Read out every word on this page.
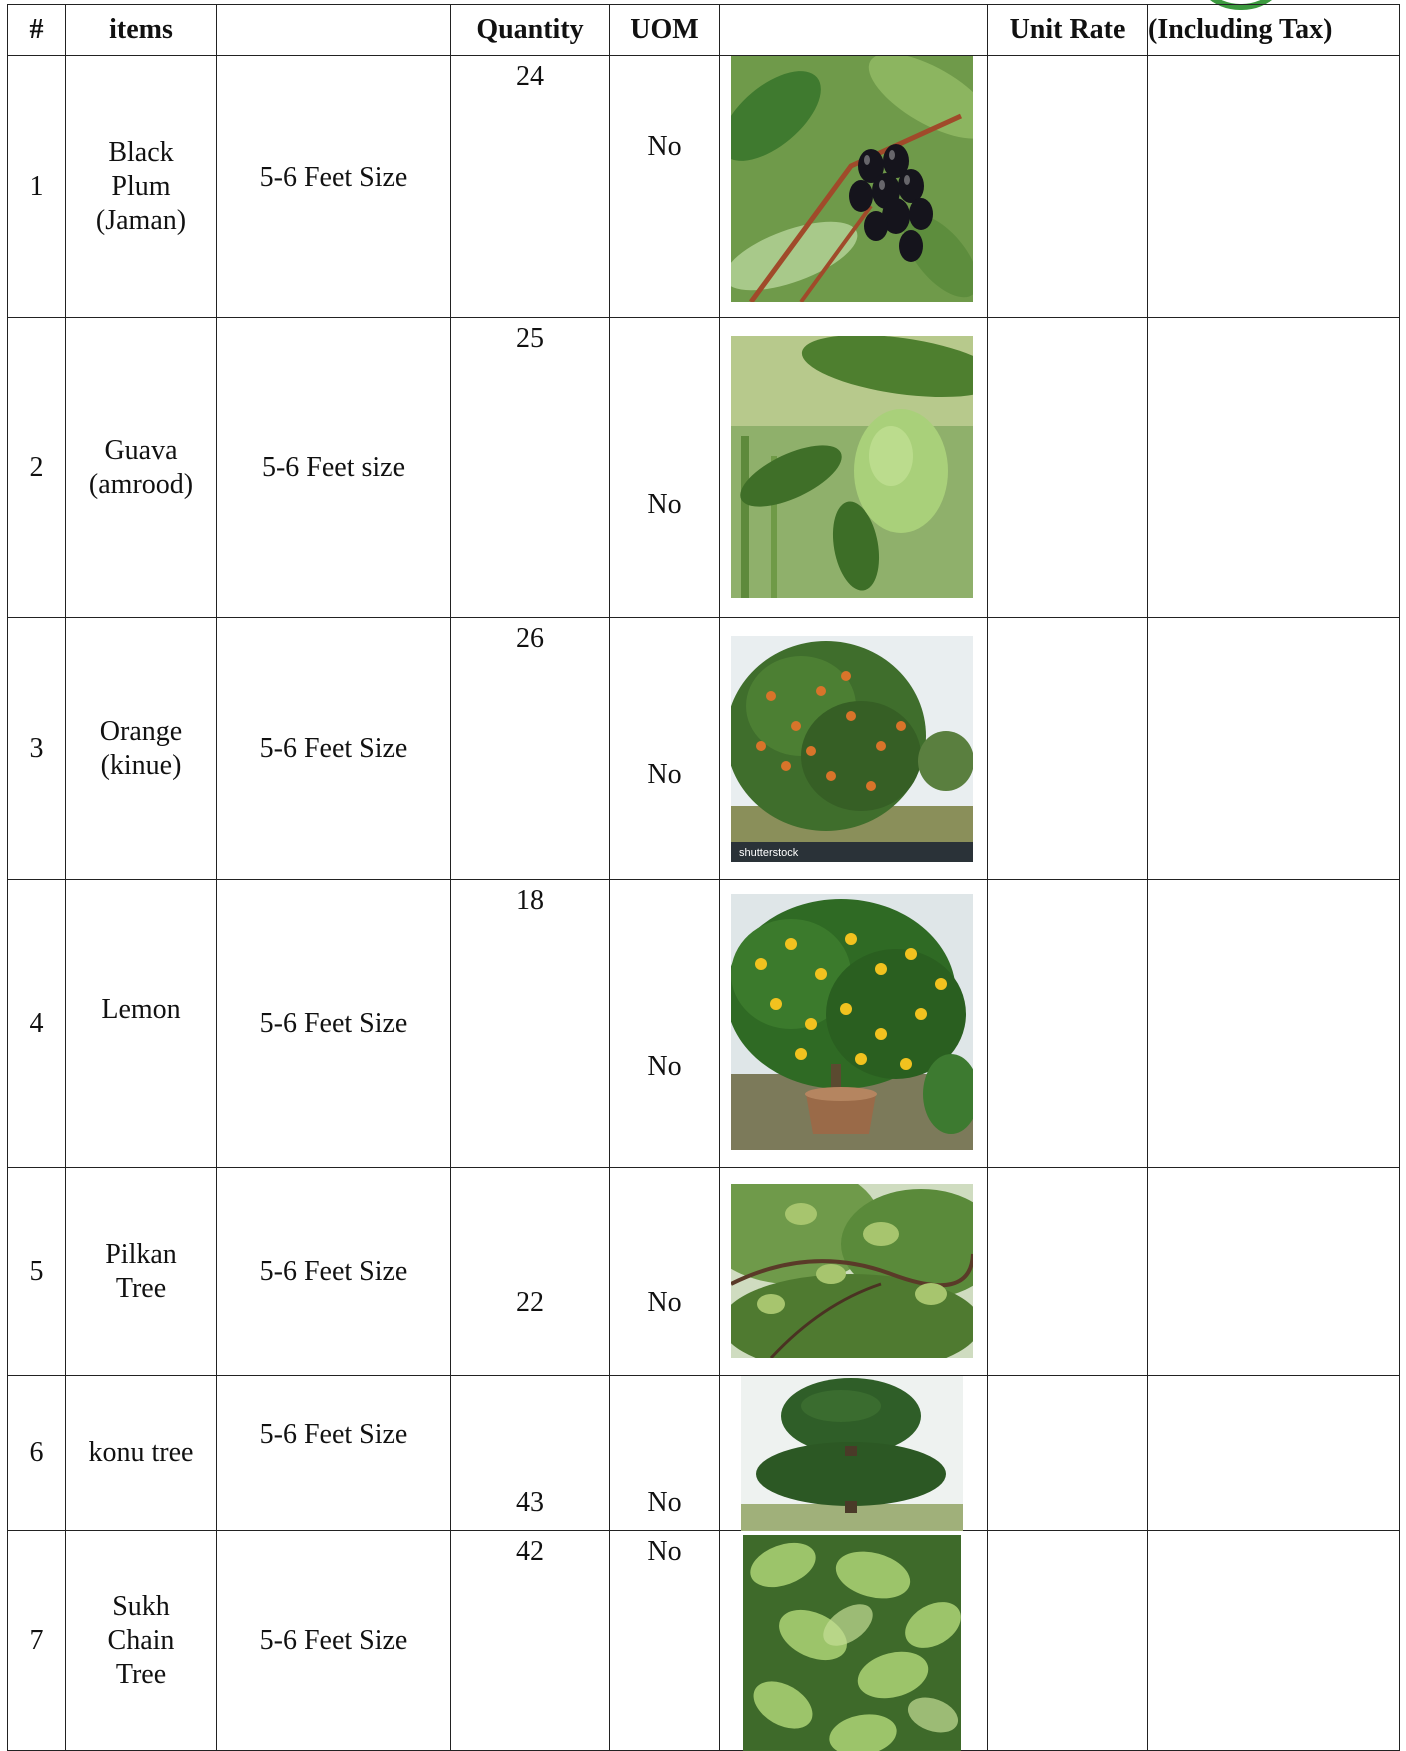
#	items		Quantity	UOM		Unit Rate	(Including Tax)
1	Black Plum (Jaman)	5-6 Feet Size	24	No

2	Guava (amrood)	5-6 Feet size	25	No

3	Orange (kinue)	5-6 Feet Size	26	No	shutterstock		

4	Lemon	5-6 Feet Size	18	No

5	Pilkan Tree	5-6 Feet Size	22	No

6	konu tree	5-6 Feet Size	43	No

7	Sukh Chain Tree	5-6 Feet Size	42	No
